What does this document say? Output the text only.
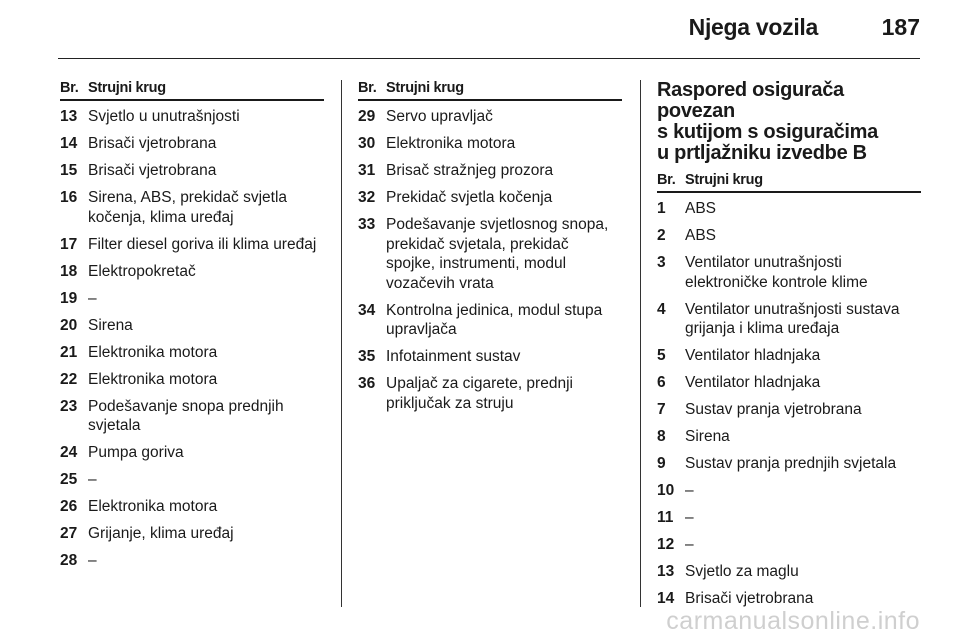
Njega vozila	187
Br. Strujni krug
13 Svjetlo u unutrašnjosti
14 Brisači vjetrobrana
15 Brisači vjetrobrana
16 Sirena, ABS, prekidač svjetla kočenja, klima uređaj
17 Filter diesel goriva ili klima uređaj
18 Elektropokretač
19 –
20 Sirena
21 Elektronika motora
22 Elektronika motora
23 Podešavanje snopa prednjih svjetala
24 Pumpa goriva
25 –
26 Elektronika motora
27 Grijanje, klima uređaj
28 –
Br. Strujni krug
29 Servo upravljač
30 Elektronika motora
31 Brisač stražnjeg prozora
32 Prekidač svjetla kočenja
33 Podešavanje svjetlosnog snopa, prekidač svjetala, prekidač spojke, instrumenti, modul vozačevih vrata
34 Kontrolna jedinica, modul stupa upravljača
35 Infotainment sustav
36 Upaljač za cigarete, prednji priključak za struju
Raspored osigurača povezan
s kutijom s osiguračima
u prtljažniku izvedbe B
Br. Strujni krug
1	ABS
2	ABS
3	Ventilator unutrašnjosti elektroničke kontrole klime
4	Ventilator unutrašnjosti sustava grijanja i klima uređaja
5	Ventilator hladnjaka
6	Ventilator hladnjaka
7	Sustav pranja vjetrobrana
8	Sirena
9	Sustav pranja prednjih svjetala
10 –
11 –
12 –
13 Svjetlo za maglu
14 Brisači vjetrobrana
carmanualsonline.info
